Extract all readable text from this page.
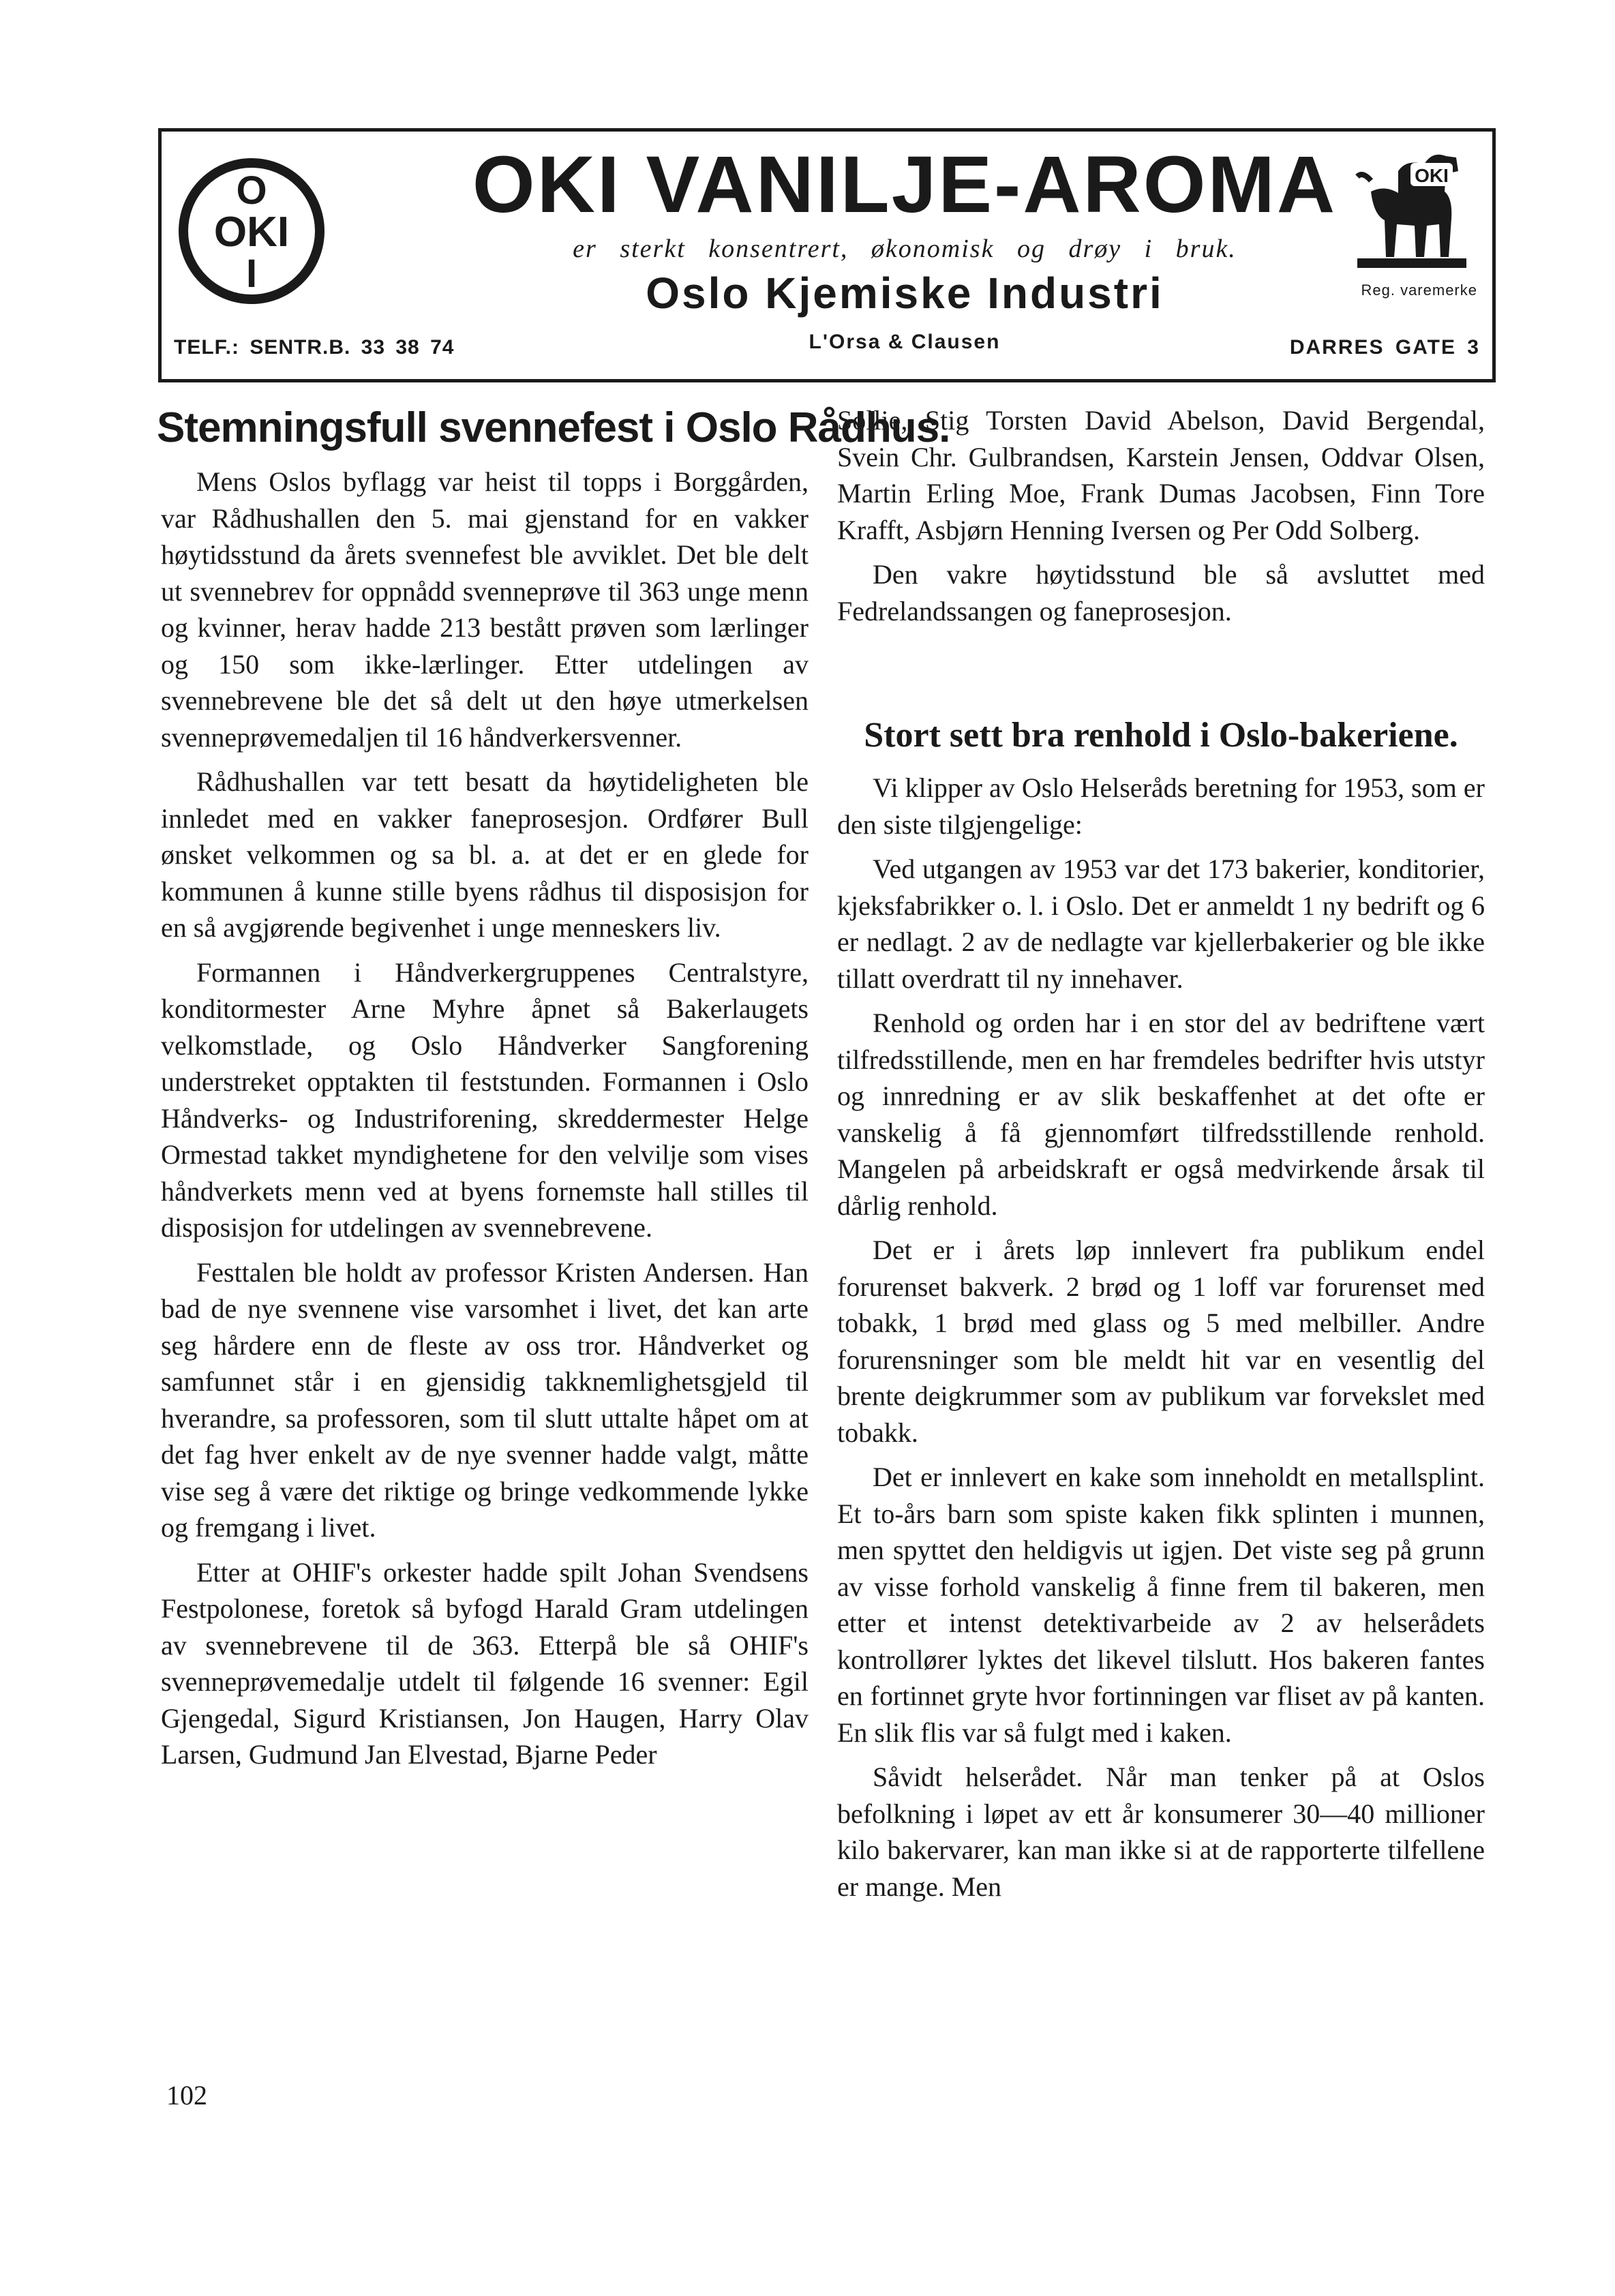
O
OKI
I
OKI VANILJE-AROMA
er sterkt konsentrert, økonomisk og drøy i bruk.
Oslo Kjemiske Industri
L'Orsa & Clausen
TELF.: SENTR.B. 33 38 74	DARRES GATE 3
OKI
Reg. varemerke
Stemningsfull svennefest i Oslo Rådhus.

Mens Oslos byflagg var heist til topps i Borggården, var Rådhushallen den 5. mai gjenstand for en vakker høytidsstund da årets svennefest ble avviklet. Det ble delt ut svennebrev for oppnådd svenneprøve til 363 unge menn og kvinner, herav hadde 213 bestått prøven som lærlinger og 150 som ikke-lærlinger. Etter utdelingen av svennebrevene ble det så delt ut den høye utmerkelsen svenneprøvemedaljen til 16 håndverkersvenner.

Rådhushallen var tett besatt da høytideligheten ble innledet med en vakker faneprosesjon. Ordfører Bull ønsket velkommen og sa bl. a. at det er en glede for kommunen å kunne stille byens rådhus til disposisjon for en så avgjørende begivenhet i unge menneskers liv.

Formannen i Håndverkergruppenes Centralstyre, konditormester Arne Myhre åpnet så Bakerlaugets velkomstlade, og Oslo Håndverker Sangforening understreket opptakten til feststunden. Formannen i Oslo Håndverks- og Industriforening, skreddermester Helge Ormestad takket myndighetene for den velvilje som vises håndverkets menn ved at byens fornemste hall stilles til disposisjon for utdelingen av svennebrevene.

Festtalen ble holdt av professor Kristen Andersen. Han bad de nye svennene vise varsomhet i livet, det kan arte seg hårdere enn de fleste av oss tror. Håndverket og samfunnet står i en gjensidig takknemlighetsgjeld til hverandre, sa professoren, som til slutt uttalte håpet om at det fag hver enkelt av de nye svenner hadde valgt, måtte vise seg å være det riktige og bringe vedkommende lykke og fremgang i livet.

Etter at OHIF's orkester hadde spilt Johan Svendsens Festpolonese, foretok så byfogd Harald Gram utdelingen av svennebrevene til de 363. Etterpå ble så OHIF's svenneprøvemedalje utdelt til følgende 16 svenner: Egil Gjengedal, Sigurd Kristiansen, Jon Haugen, Harry Olav Larsen, Gudmund Jan Elvestad, Bjarne Peder

Sollie, Stig Torsten David Abelson, David Bergendal, Svein Chr. Gulbrandsen, Karstein Jensen, Oddvar Olsen, Martin Erling Moe, Frank Dumas Jacobsen, Finn Tore Krafft, Asbjørn Henning Iversen og Per Odd Solberg.

Den vakre høytidsstund ble så avsluttet med Fedrelandssangen og faneprosesjon.

Stort sett bra renhold i Oslo-bakeriene.

Vi klipper av Oslo Helseråds beretning for 1953, som er den siste tilgjengelige:

Ved utgangen av 1953 var det 173 bakerier, konditorier, kjeksfabrikker o. l. i Oslo. Det er anmeldt 1 ny bedrift og 6 er nedlagt. 2 av de nedlagte var kjellerbakerier og ble ikke tillatt overdratt til ny innehaver.

Renhold og orden har i en stor del av bedriftene vært tilfredsstillende, men en har fremdeles bedrifter hvis utstyr og innredning er av slik beskaffenhet at det ofte er vanskelig å få gjennomført tilfredsstillende renhold. Mangelen på arbeidskraft er også medvirkende årsak til dårlig renhold.

Det er i årets løp innlevert fra publikum endel forurenset bakverk. 2 brød og 1 loff var forurenset med tobakk, 1 brød med glass og 5 med melbiller. Andre forurensninger som ble meldt hit var en vesentlig del brente deigkrummer som av publikum var forvekslet med tobakk.

Det er innlevert en kake som inneholdt en metallsplint. Et to-års barn som spiste kaken fikk splinten i munnen, men spyttet den heldigvis ut igjen. Det viste seg på grunn av visse forhold vanskelig å finne frem til bakeren, men etter et intenst detektivarbeide av 2 av helserådets kontrollører lyktes det likevel tilslutt. Hos bakeren fantes en fortinnet gryte hvor fortinningen var fliset av på kanten. En slik flis var så fulgt med i kaken.

Såvidt helserådet. Når man tenker på at Oslos befolkning i løpet av ett år konsumerer 30—40 millioner kilo bakervarer, kan man ikke si at de rapporterte tilfellene er mange. Men

102
